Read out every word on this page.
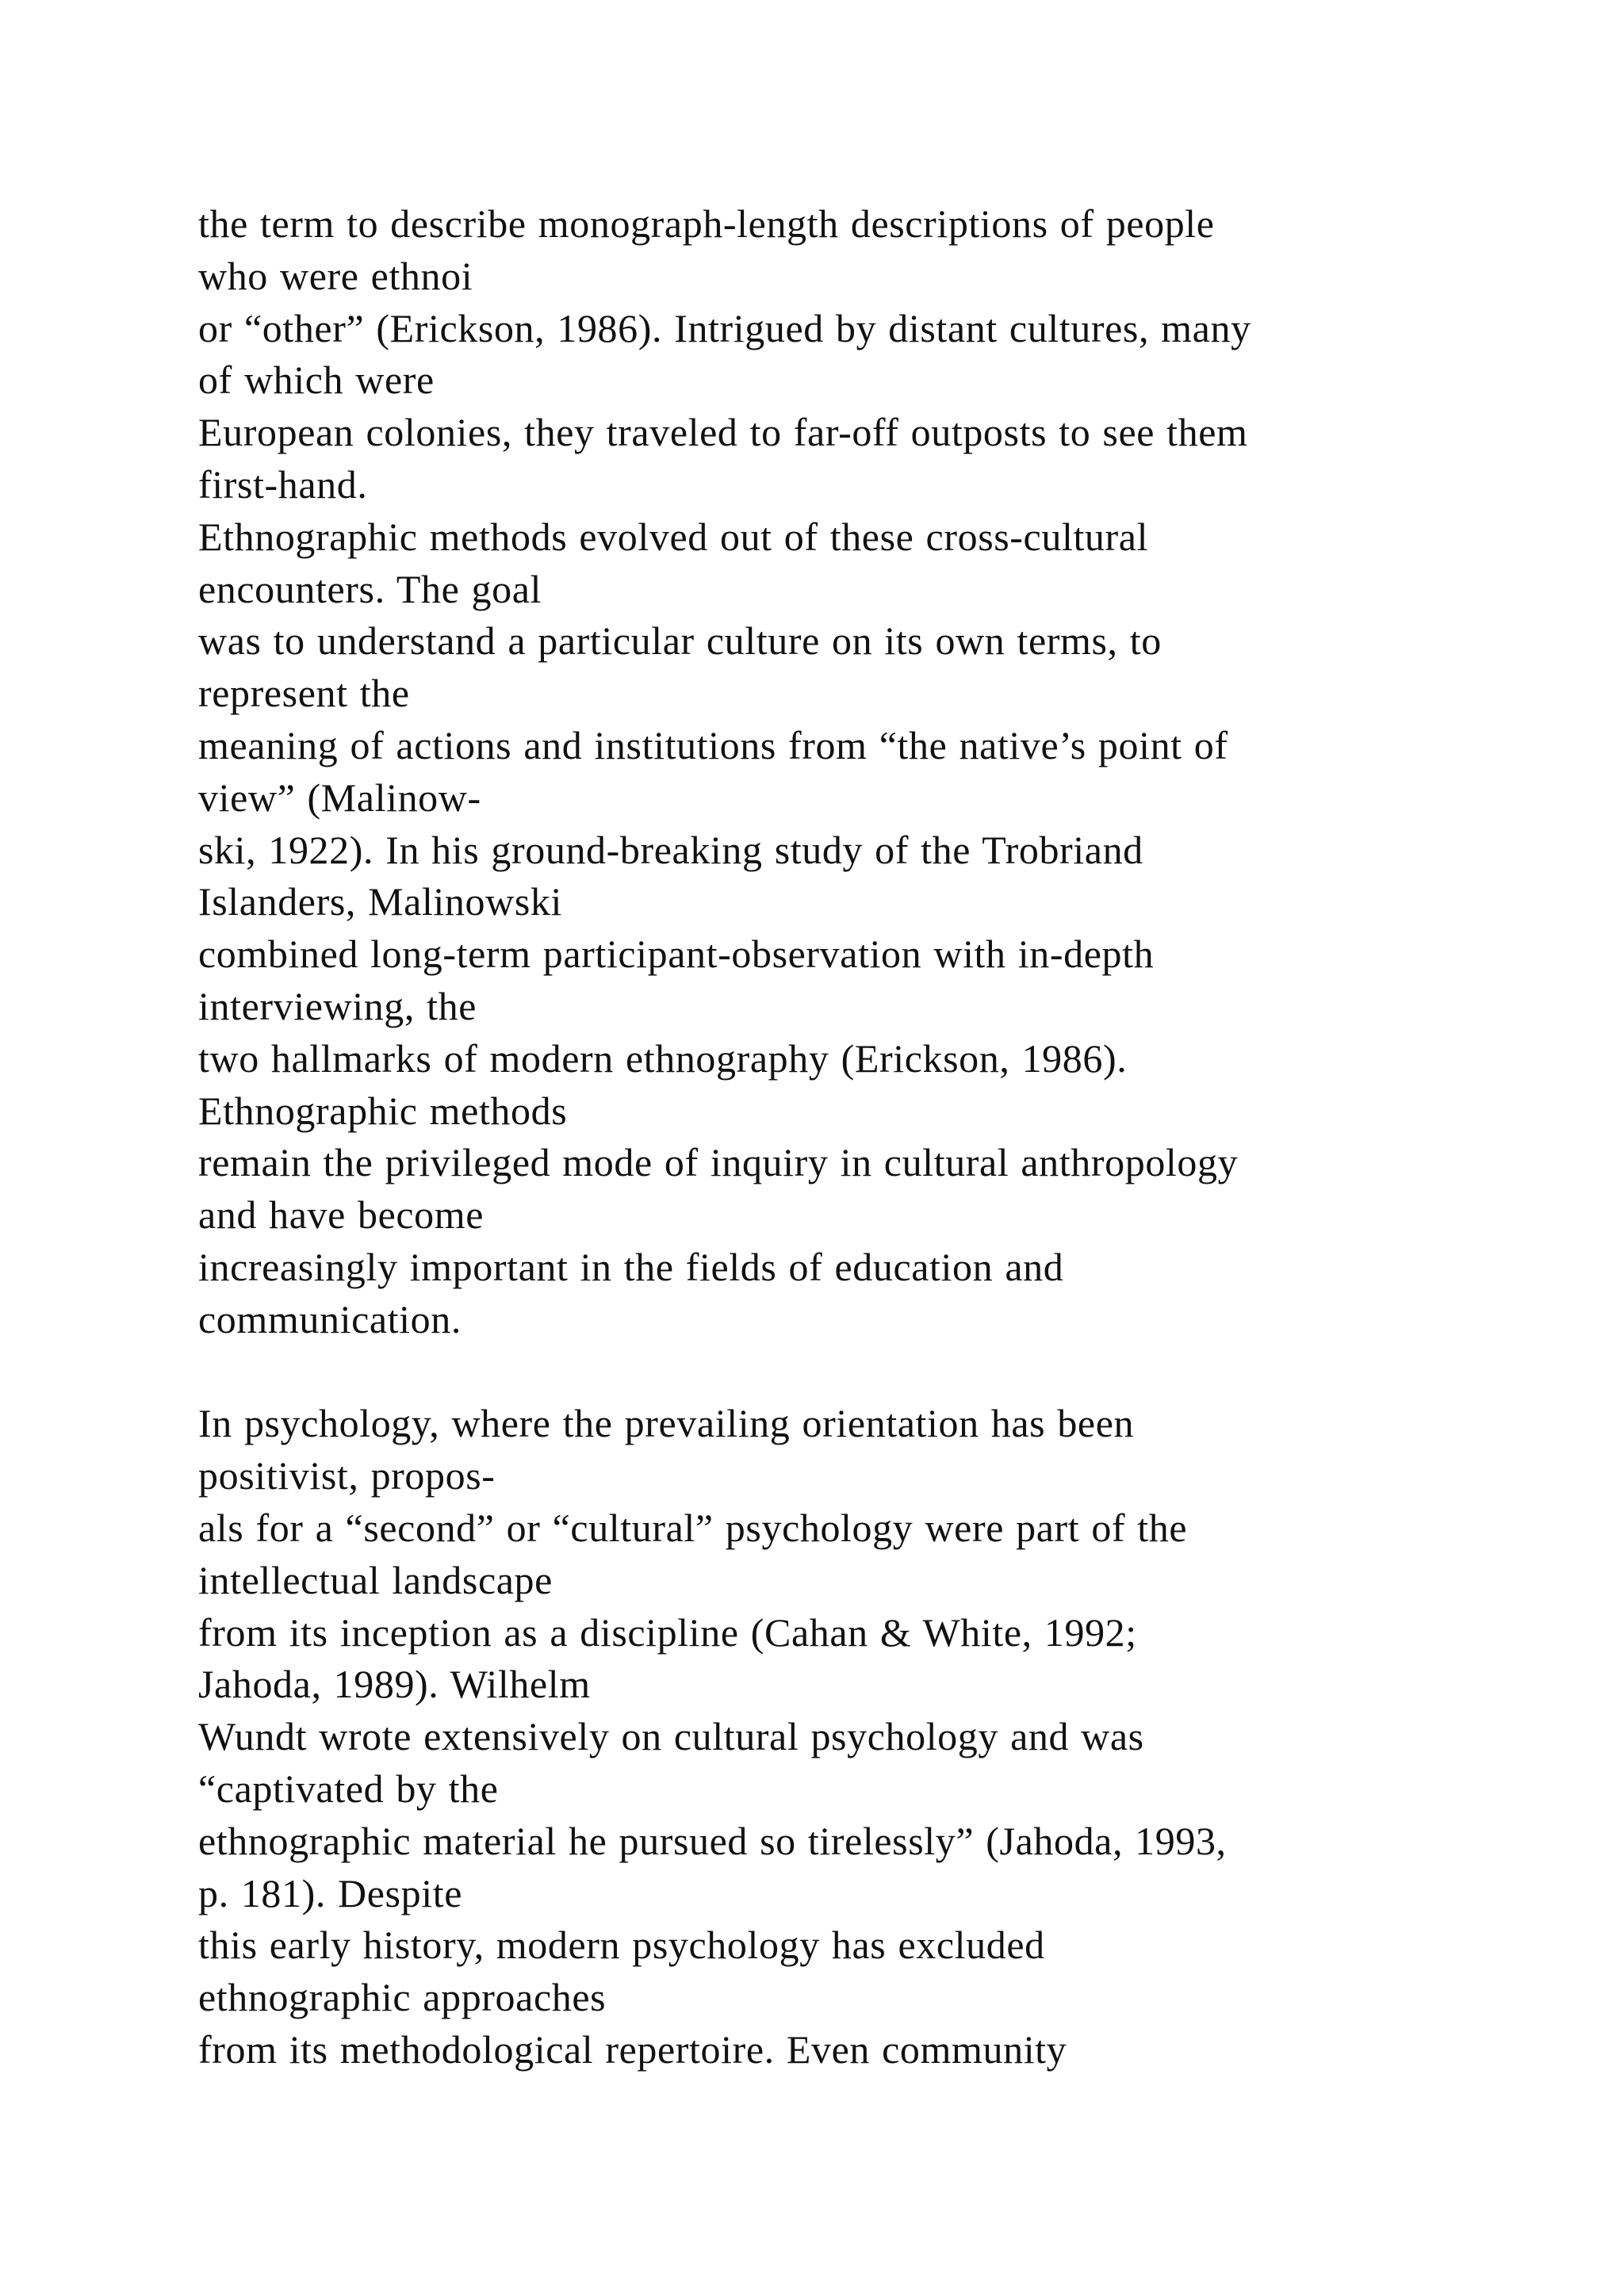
the term to describe monograph-length descriptions of people
who were ethnoi
or “other” (Erickson, 1986). Intrigued by distant cultures, many
of which were
European colonies, they traveled to far-off outposts to see them
first-hand.
Ethnographic methods evolved out of these cross-cultural
encounters. The goal
was to understand a particular culture on its own terms, to
represent the
meaning of actions and institutions from “the native’s point of
view” (Malinow-
ski, 1922). In his ground-breaking study of the Trobriand
Islanders, Malinowski
combined long-term participant-observation with in-depth
interviewing, the
two hallmarks of modern ethnography (Erickson, 1986).
Ethnographic methods
remain the privileged mode of inquiry in cultural anthropology
and have become
increasingly important in the fields of education and
communication.
In psychology, where the prevailing orientation has been
positivist, propos-
als for a “second” or “cultural” psychology were part of the
intellectual landscape
from its inception as a discipline (Cahan & White, 1992;
Jahoda, 1989). Wilhelm
Wundt wrote extensively on cultural psychology and was
“captivated by the
ethnographic material he pursued so tirelessly” (Jahoda, 1993,
p. 181). Despite
this early history, modern psychology has excluded
ethnographic approaches
from its methodological repertoire. Even community
